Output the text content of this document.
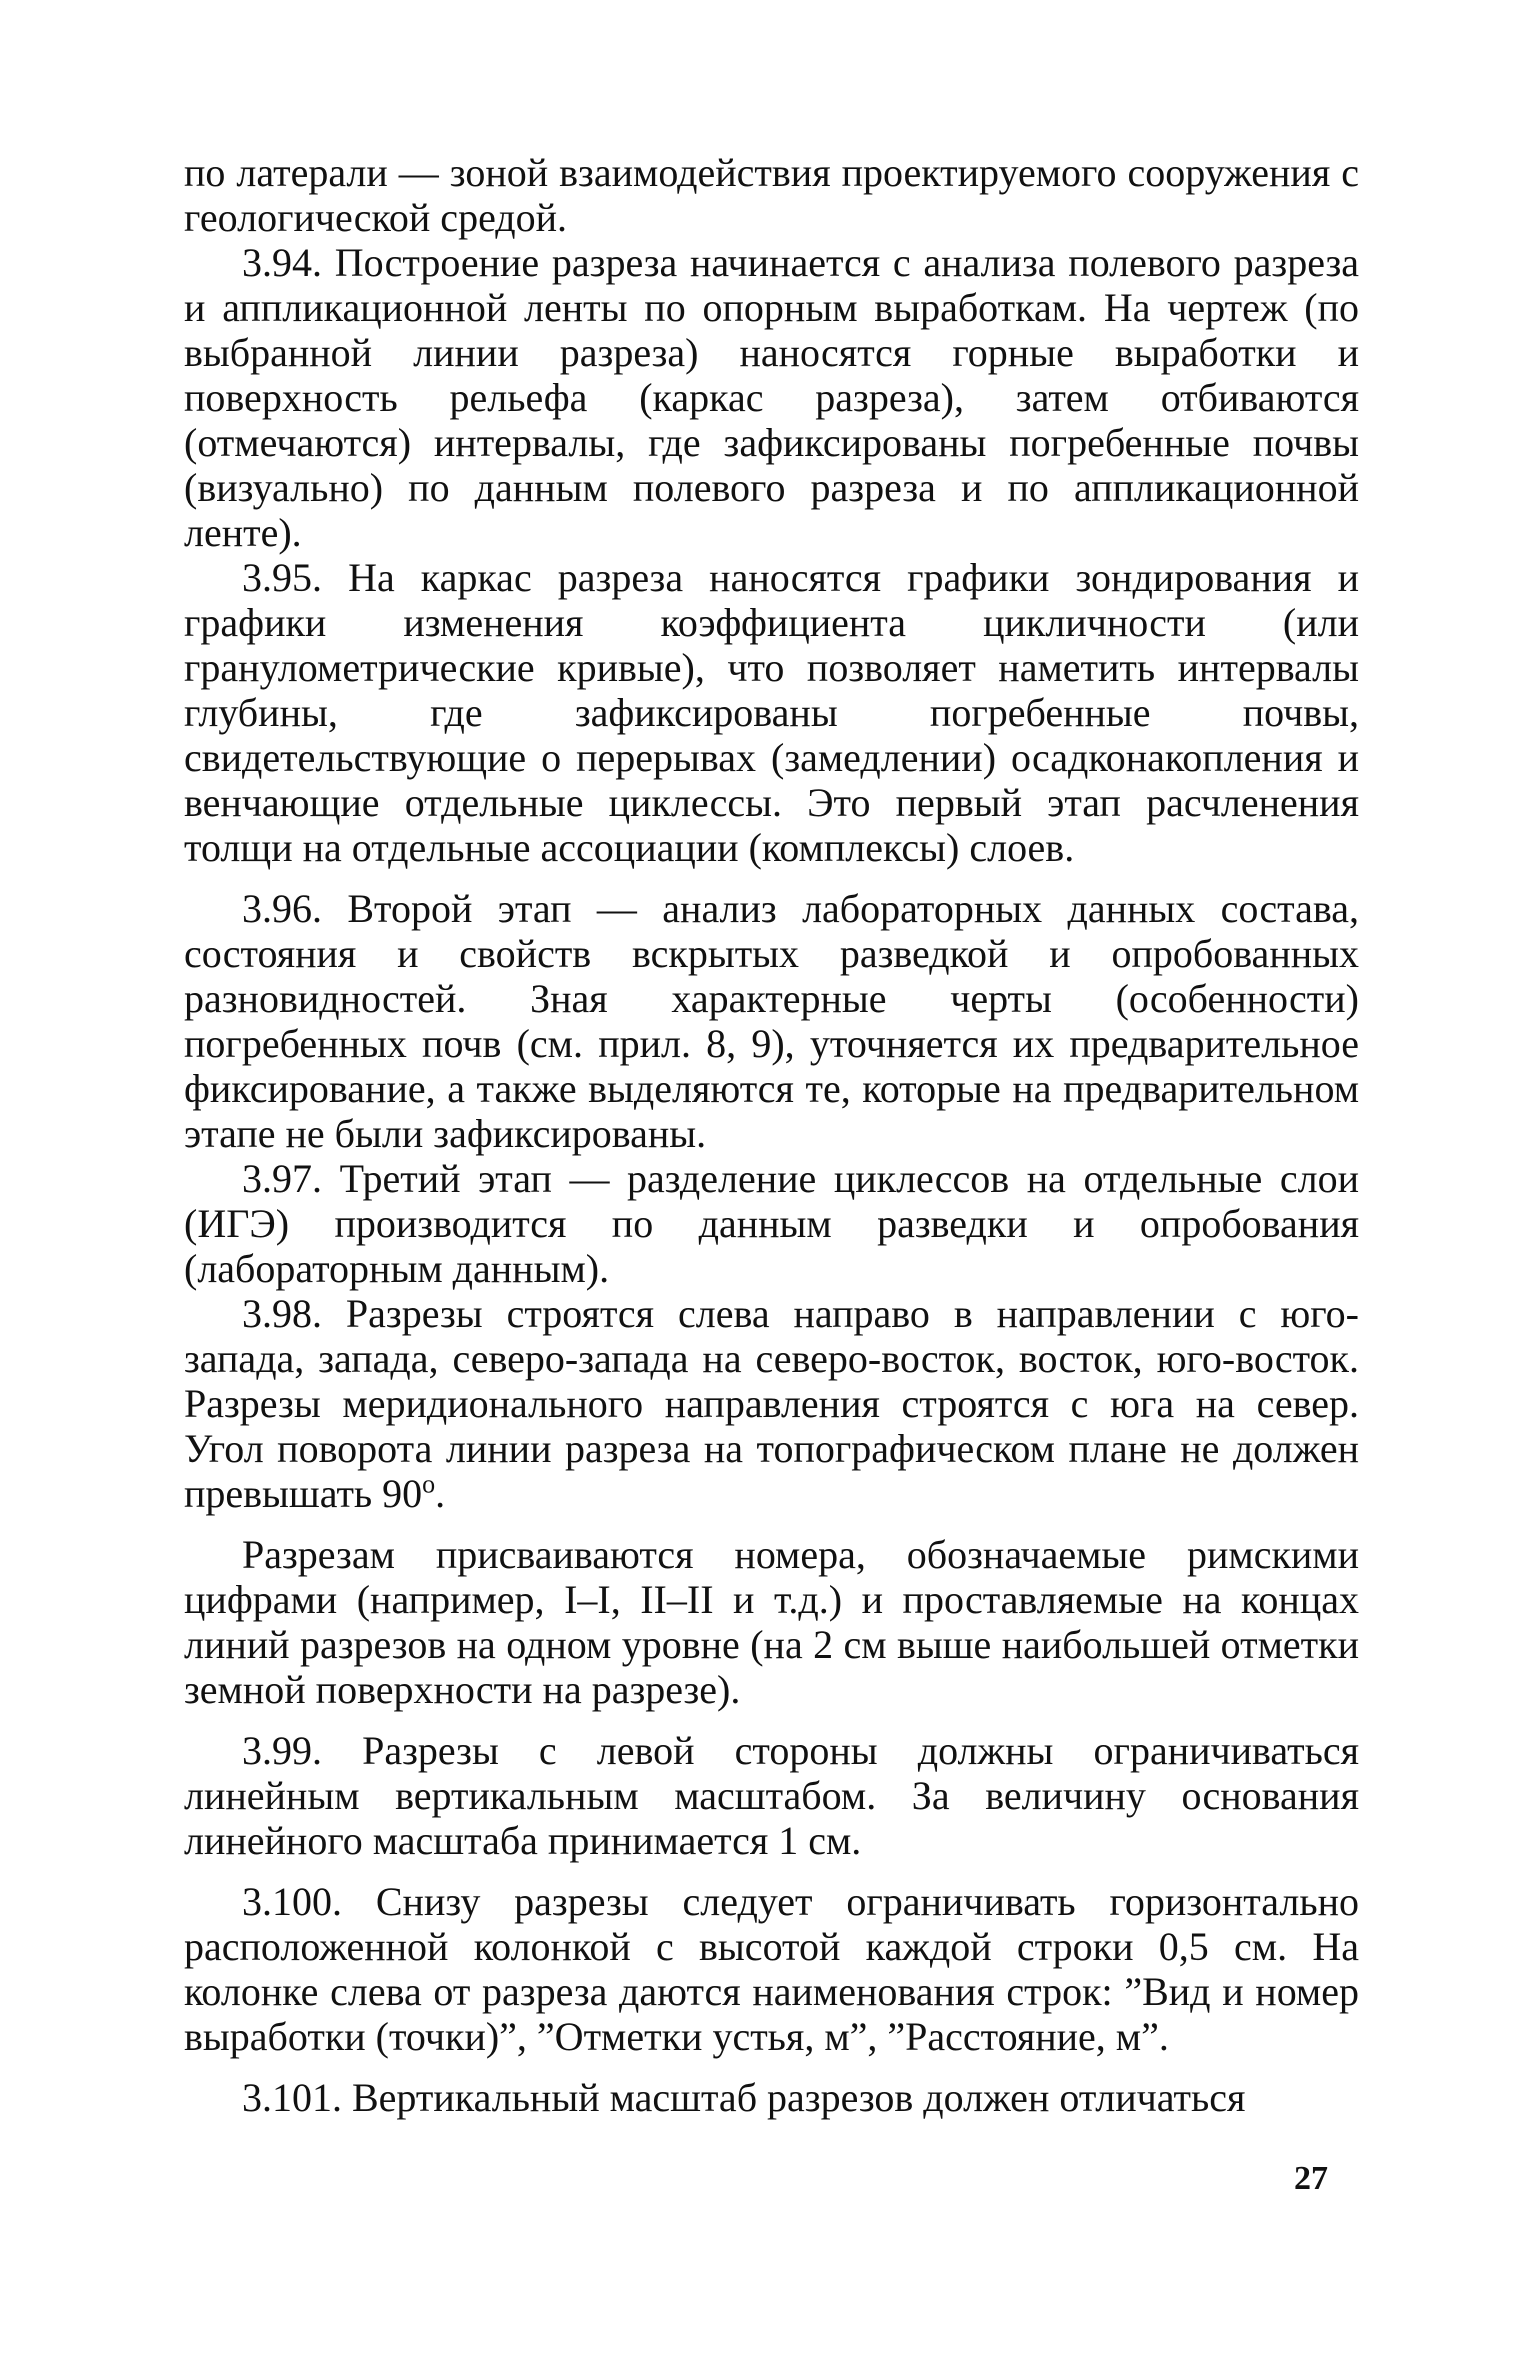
по латерали — зоной взаимодействия проектируемого сооружения с геологической средой.

3.94. Построение разреза начинается с анализа полевого разреза и аппликационной ленты по опорным выработкам. На чертеж (по выбранной линии разреза) наносятся горные выработки и поверхность рельефа (каркас разреза), затем отбиваются (отмечаются) интервалы, где зафиксированы погребенные почвы (визуально) по данным полевого разреза и по аппликационной ленте).

3.95. На каркас разреза наносятся графики зондирования и графики изменения коэффициента цикличности (или гранулометрические кривые), что позволяет наметить интервалы глубины, где зафиксированы погребенные почвы, свидетельствующие о перерывах (замедлении) осадконакопления и венчающие отдельные циклессы. Это первый этап расчленения толщи на отдельные ассоциации (комплексы) слоев.

3.96. Второй этап — анализ лабораторных данных состава, состояния и свойств вскрытых разведкой и опробованных разновидностей. Зная характерные черты (особенности) погребенных почв (см. прил. 8, 9), уточняется их предварительное фиксирование, а также выделяются те, которые на предварительном этапе не были зафиксированы.

3.97. Третий этап — разделение циклессов на отдельные слои (ИГЭ) производится по данным разведки и опробования (лабораторным данным).

3.98. Разрезы строятся слева направо в направлении с юго-запада, запада, северо-запада на северо-восток, восток, юго-восток. Разрезы меридионального направления строятся с юга на север. Угол поворота линии разреза на топографическом плане не должен превышать $90^о$.

Разрезам присваиваются номера, обозначаемые римскими цифрами (например, I–I, II–II и т.д.) и проставляемые на концах линий разрезов на одном уровне (на 2 см выше наибольшей отметки земной поверхности на разрезе).

3.99. Разрезы с левой стороны должны ограничиваться линейным вертикальным масштабом. За величину основания линейного масштаба принимается 1 см.

3.100. Снизу разрезы следует ограничивать горизонтально расположенной колонкой с высотой каждой строки 0,5 см. На колонке слева от разреза даются наименования строк: ”Вид и номер выработки (точки)”, ”Отметки устья, м”, ”Расстояние, м”.

3.101. Вертикальный масштаб разрезов должен отличаться

27
